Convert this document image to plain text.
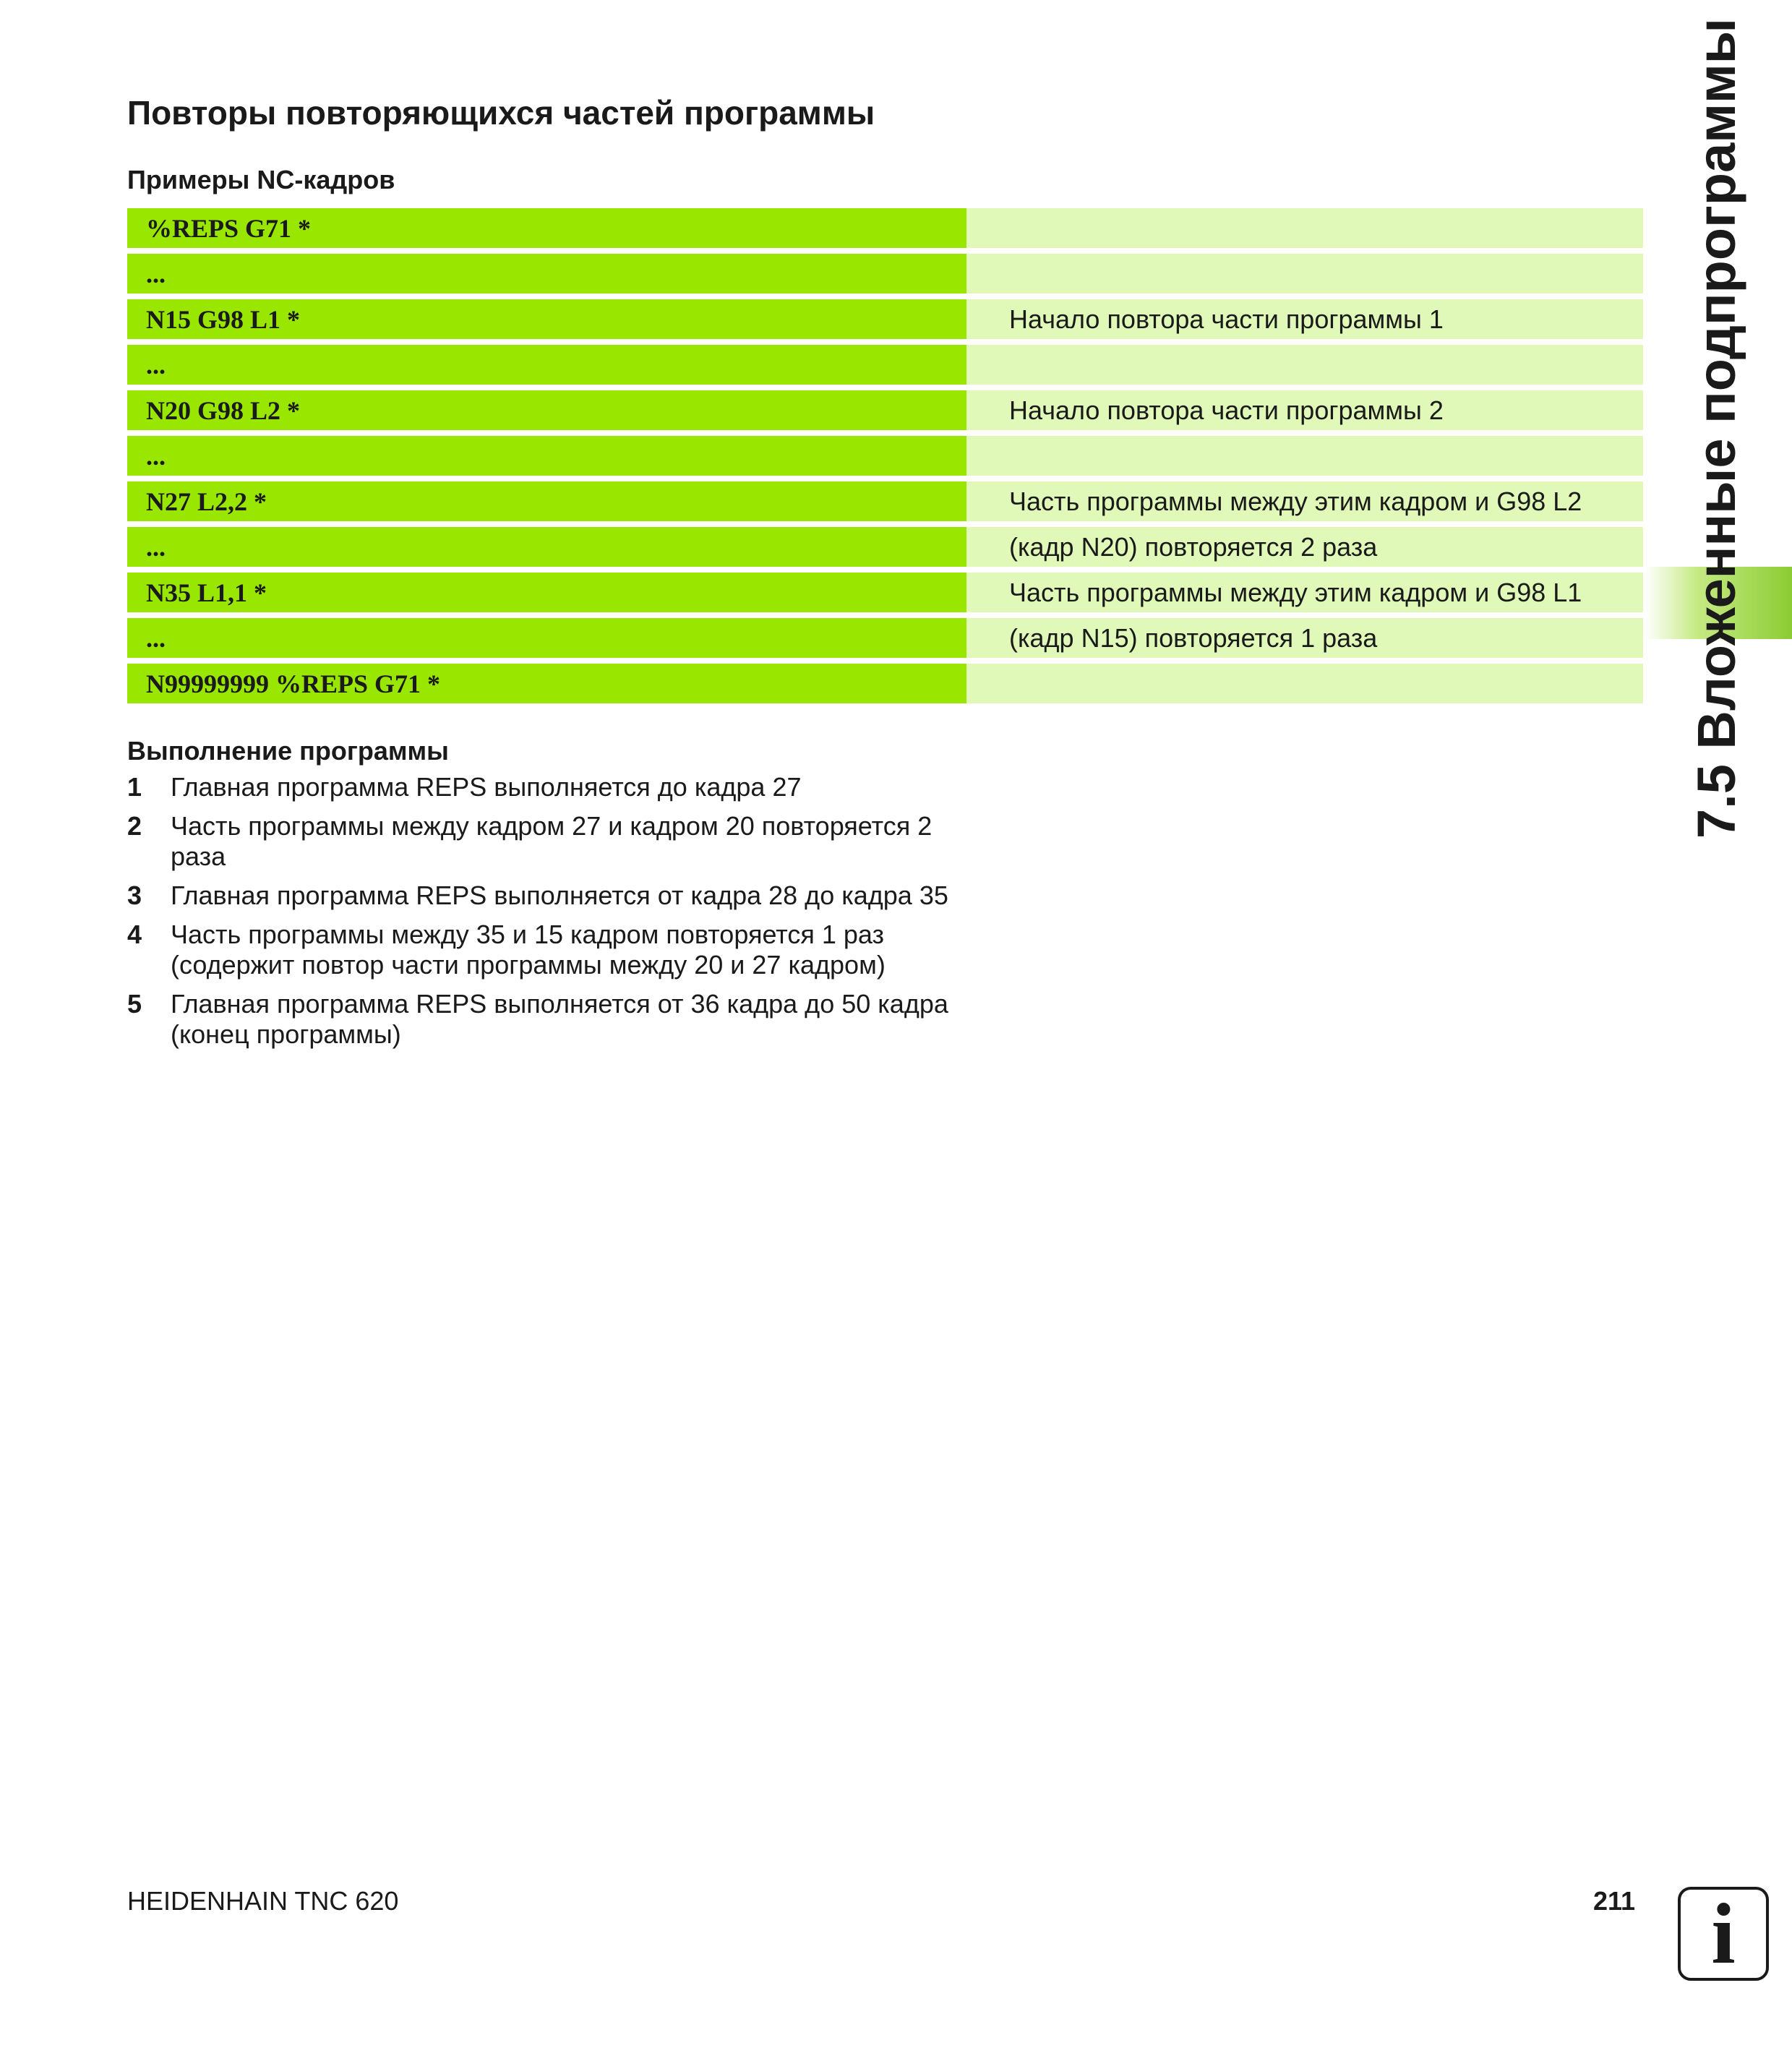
Повторы повторяющихся частей программы
Примеры NC-кадров
%REPS G71 *
...
N15 G98 L1 *	Начало повтора части программы 1
...
N20 G98 L2 *	Начало повтора части программы 2
...
N27 L2,2 *	Часть программы между этим кадром и G98 L2
...	(кадр N20) повторяется 2 раза
N35 L1,1 *	Часть программы между этим кадром и G98 L1
...	(кадр N15) повторяется 1 раза
N99999999 %REPS G71 *
Выполнение программы
1	Главная программа REPS выполняется до кадра 27
2	Часть программы между кадром 27 и кадром 20 повторяется 2 раза
3	Главная программа REPS выполняется от кадра 28 до кадра 35
4	Часть программы между 35 и 15 кадром повторяется 1 раз (содержит повтор части программы между 20 и 27 кадром)
5	Главная программа REPS выполняется от 36 кадра до 50 кадра (конец программы)
7.5 Вложенные подпрограммы
HEIDENHAIN TNC 620	211 i
